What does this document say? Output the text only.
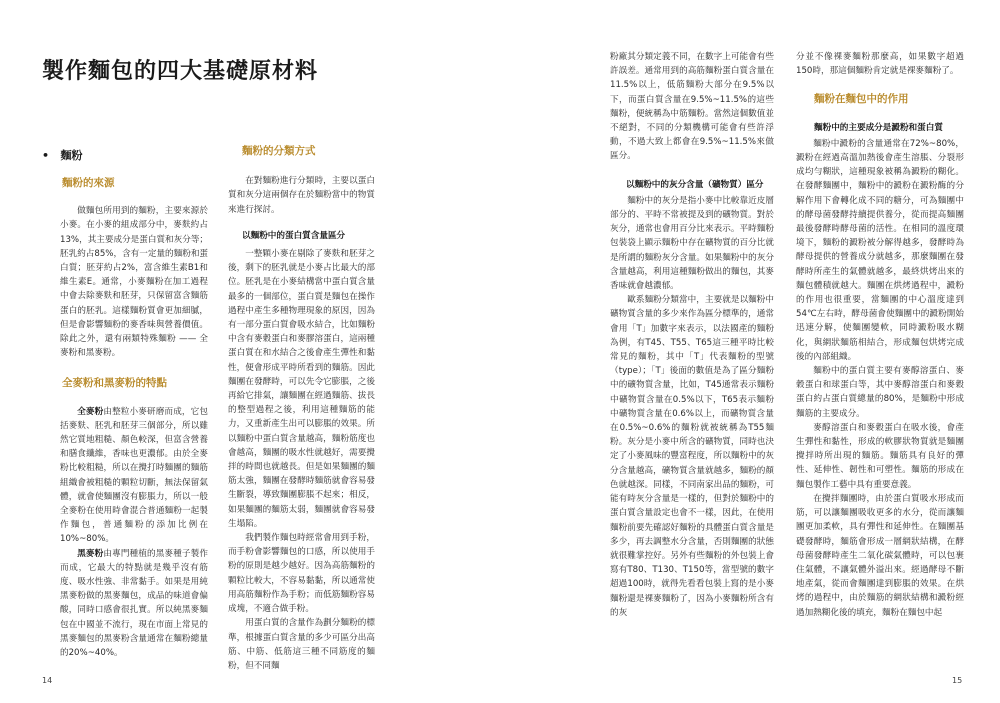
製作麵包的四大基礎原材料
• 麵粉

麵粉的來源

做麵包所用到的麵粉，主要來源於小麥。在小麥的組成部分中，麥麩約占13%，其主要成分是蛋白質和灰分等；胚乳約占85%，含有一定量的麵粉和蛋白質；胚芽約占2%，富含維生素B1和維生素E。通常，小麥麵粉在加工過程中會去除麥麩和胚芽，只保留富含麵筋蛋白的胚乳。這樣麵粉質會更加細膩，但是會影響麵粉的麥香味與營養價值。除此之外，還有兩類特殊麵粉 —— 全麥粉和黑麥粉。

全麥粉和黑麥粉的特點

全麥粉由整粒小麥研磨而成，它包括麥麩、胚乳和胚芽三個部分，所以雖然它質地粗糙、顏色較深，但富含營養和膳食纖維，香味也更濃郁。由於全麥粉比較粗糙，所以在攪打時麵團的麵筋組織會被粗糙的顆粒切斷，無法保留氣體，就會使麵團沒有膨脹力，所以一般全麥粉在使用時會混合普通麵粉一起製作麵包，普通麵粉的添加比例在10%~80%。

黑麥粉由專門種植的黑麥種子製作而成，它最大的特點就是幾乎沒有筋度、吸水性強、非常黏手。如果是用純黑麥粉做的黑麥麵包，成品的味道會偏酸，同時口感會很扎實。所以純黑麥麵包在中國並不流行，現在市面上常見的黑麥麵包的黑麥粉含量通常在麵粉總量的20%~40%。

麵粉的分類方式

在對麵粉進行分類時，主要以蛋白質和灰分這兩個存在於麵粉當中的物質來進行探討。

以麵粉中的蛋白質含量區分

一整顆小麥在剔除了麥麩和胚芽之後，剩下的胚乳就是小麥占比最大的部位。胚乳是在小麥結構當中蛋白質含量最多的一個部位，蛋白質是麵包在操作過程中產生多種物理現象的原因，因為有一部分蛋白質會吸水結合，比如麵粉中含有麥穀蛋白和麥膠溶蛋白，這兩種蛋白質在和水結合之後會產生彈性和黏性，便會形成平時所看到的麵筋。因此麵團在發酵時，可以先令它膨脹，之後再給它排氣，讓麵團在經過麵筋、拔長的整型過程之後，利用這種麵筋的能力，又重新產生出可以膨脹的效果。所以麵粉中蛋白質含量越高，麵粉筋度也會越高，麵團的吸水性就越好，需要攪拌的時間也就越長。但是如果麵團的麵筋太強，麵團在發酵時麵筋就會容易發生斷裂，導致麵團膨脹不起來；相反，如果麵團的麵筋太弱，麵團就會容易發生塌陷。

我們製作麵包時經常會用到手粉，而手粉會影響麵包的口感，所以使用手粉的原則是越少越好。因為高筋麵粉的顆粒比較大，不容易黏黏，所以通常使用高筋麵粉作為手粉；而低筋麵粉容易成塊，不適合做手粉。

用蛋白質的含量作為劃分麵粉的標準，根據蛋白質含量的多少可區分出高筋、中筋、低筋這三種不同筋度的麵粉，但不同麵

粉廠其分類定義不同，在數字上可能會有些許誤差。通常用到的高筋麵粉蛋白質含量在11.5%以上，低筋麵粉大部分在9.5%以下，而蛋白質含量在9.5%~11.5%的這些麵粉，便統稱為中筋麵粉。當然這個數值並不絕對，不同的分類機構可能會有些許浮動，不過大致上都會在9.5%~11.5%來做區分。

以麵粉中的灰分含量（礦物質）區分

麵粉中的灰分是指小麥中比較靠近皮層部分的、平時不常被提及到的礦物質。對於灰分，通常也會用百分比來表示。平時麵粉包裝袋上顯示麵粉中存在礦物質的百分比就是所謂的麵粉灰分含量。如果麵粉中的灰分含量越高，利用這種麵粉做出的麵包，其麥香味就會越濃郁。

歐系麵粉分類當中，主要就是以麵粉中礦物質含量的多少來作為區分標準的，通常會用「T」加數字來表示，以法國產的麵粉為例，有T45、T55、T65這三種平時比較常見的麵粉，其中「T」代表麵粉的型號（type）；「T」後面的數值是為了區分麵粉中的礦物質含量，比如，T45通常表示麵粉中礦物質含量在0.5%以下，T65表示麵粉中礦物質含量在0.6%以上，而礦物質含量在0.5%~0.6%的麵粉就被統稱為T55麵粉。灰分是小麥中所含的礦物質，同時也決定了小麥風味的豐富程度，所以麵粉中的灰分含量越高，礦物質含量就越多，麵粉的顏色就越深。同樣，不同南家出品的麵粉，可能有時灰分含量是一樣的，但對於麵粉中的蛋白質含量設定也會不一樣，因此，在使用麵粉前要先確認好麵粉的具體蛋白質含量是多少，再去調整水分含量，否則麵團的狀態就很難掌控好。另外有些麵粉的外包裝上會寫有T80、T130、T150等，當型號的數字超過100時，就得先看看包裝上寫的是小麥麵粉還是裸麥麵粉了，因為小麥麵粉所含有的灰

分並不像裸麥麵粉那麼高，如果數字超過150時，那這個麵粉肯定就是裸麥麵粉了。

麵粉在麵包中的作用

麵粉中的主要成分是澱粉和蛋白質

麵粉中澱粉的含量通常在72%~80%，澱粉在經過高溫加熱後會產生溶脹、分裂形成均勻糊狀，這種現象被稱為澱粉的糊化。在發酵麵團中，麵粉中的澱粉在澱粉酶的分解作用下會轉化成不同的糖分，可為麵團中的酵母菌發酵持續提供養分，從而提高麵團最後發酵時酵母菌的活性。在相同的溫度環境下，麵粉的澱粉被分解得越多，發酵時為酵母提供的營養成分就越多，那麼麵團在發酵時所產生的氣體就越多，最終烘烤出來的麵包體積就越大。麵團在烘烤過程中，澱粉的作用也很重要，當麵團的中心溫度達到54℃左右時，酵母菌會使麵團中的澱粉開始迅速分解，使麵團變軟，同時澱粉吸水糊化，與網狀麵筋相結合，形成麵包烘烤完成後的內部組織。

麵粉中的蛋白質主要有麥醇溶蛋白、麥穀蛋白和球蛋白等，其中麥醇溶蛋白和麥穀蛋白約占蛋白質總量的80%，是麵粉中形成麵筋的主要成分。

麥醇溶蛋白和麥穀蛋白在吸水後，會產生彈性和黏性，形成的軟膠狀物質就是麵團攪拌時所出現的麵筋。麵筋具有良好的彈性、延伸性、韌性和可塑性。麵筋的形成在麵包製作工藝中具有重要意義。

在攪拌麵團時，由於蛋白質吸水形成而筋，可以讓麵團吸收更多的水分，從而讓麵團更加柔軟，具有彈性和延伸性。在麵團基礎發酵時，麵筋會形成一層網狀結構，在酵母菌發酵時產生二氧化碳氣體時，可以包裹住氣體，不讓氣體外溢出來。經過酵母不斷地產氣，從而會麵團達到膨脹的效果。在烘烤的過程中，由於麵筋的網狀結構和澱粉經過加熱糊化後的填充，麵粉在麵包中起

14	15
